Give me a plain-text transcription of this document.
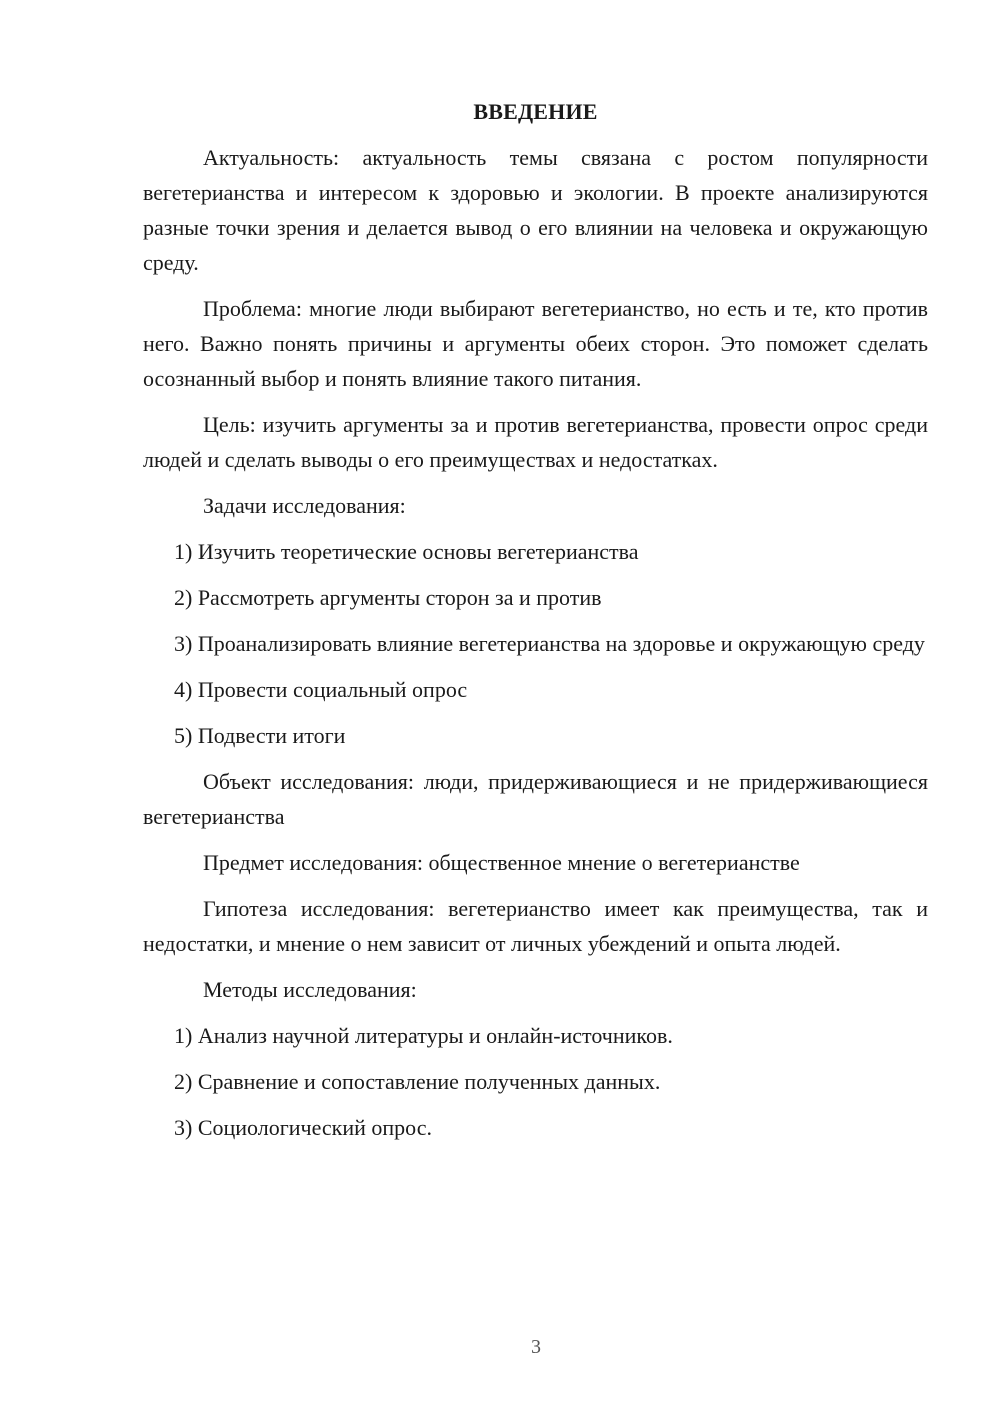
ВВЕДЕНИЕ

Актуальность: актуальность темы связана с ростом популярности вегетерианства и интересом к здоровью и экологии. В проекте анализируются разные точки зрения и делается вывод о его влиянии на человека и окружающую среду.

Проблема: многие люди выбирают вегетерианство, но есть и те, кто против него. Важно понять причины и аргументы обеих сторон. Это поможет сделать осознанный выбор и понять влияние такого питания.

Цель: изучить аргументы за и против вегетерианства, провести опрос среди людей и сделать выводы о его преимуществах и недостатках.

Задачи исследования:

1) Изучить теоретические основы вегетерианства

2) Рассмотреть аргументы сторон за и против

3) Проанализировать влияние вегетерианства на здоровье и окружающую среду

4) Провести социальный опрос

5) Подвести итоги

Объект исследования: люди, придерживающиеся и не придерживающиеся вегетерианства

Предмет исследования: общественное мнение о вегетерианстве

Гипотеза исследования: вегетерианство имеет как преимущества, так и недостатки, и мнение о нем зависит от личных убеждений и опыта людей.

Методы исследования:

1) Анализ научной литературы и онлайн-источников.

2) Сравнение и сопоставление полученных данных.

3) Социологический опрос.

3
